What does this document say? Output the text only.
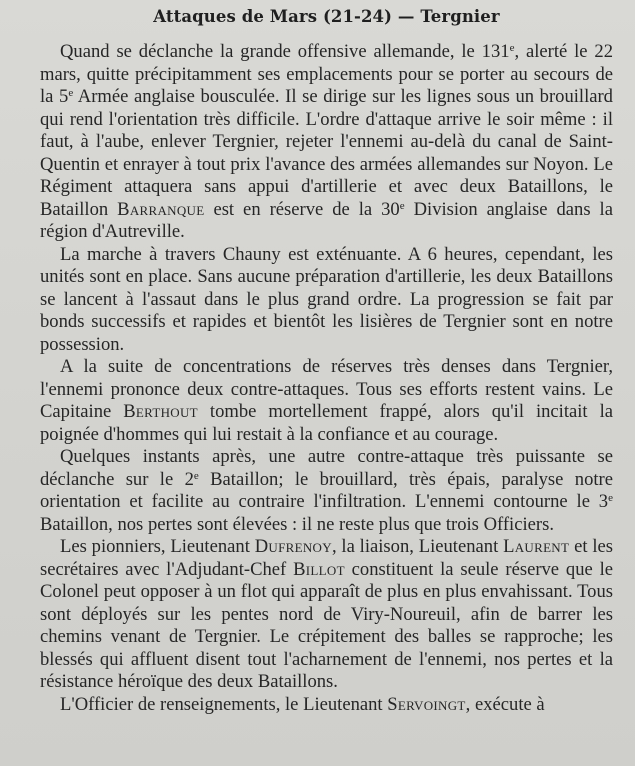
Attaques de Mars (21-24) — Tergnier

Quand se déclanche la grande offensive allemande, le 131e, alerté le 22 mars, quitte précipitamment ses emplacements pour se porter au secours de la 5e Armée anglaise bousculée. Il se dirige sur les lignes sous un brouillard qui rend l'orientation très difficile. L'ordre d'attaque arrive le soir même : il faut, à l'aube, enlever Tergnier, rejeter l'ennemi au-delà du canal de Saint-Quentin et enrayer à tout prix l'avance des armées allemandes sur Noyon. Le Régiment attaquera sans appui d'artillerie et avec deux Bataillons, le Bataillon Barranque est en réserve de la 30e Division anglaise dans la région d'Autreville.

La marche à travers Chauny est exténuante. A 6 heures, cependant, les unités sont en place. Sans aucune préparation d'artillerie, les deux Bataillons se lancent à l'assaut dans le plus grand ordre. La progression se fait par bonds successifs et rapides et bientôt les lisières de Tergnier sont en notre possession.

A la suite de concentrations de réserves très denses dans Tergnier, l'ennemi prononce deux contre-attaques. Tous ses efforts restent vains. Le Capitaine Berthout tombe mortellement frappé, alors qu'il incitait la poignée d'hommes qui lui restait à la confiance et au courage.

Quelques instants après, une autre contre-attaque très puissante se déclanche sur le 2e Bataillon; le brouillard, très épais, paralyse notre orientation et facilite au contraire l'infiltration. L'ennemi contourne le 3e Bataillon, nos pertes sont élevées : il ne reste plus que trois Officiers.

Les pionniers, Lieutenant Dufrenoy, la liaison, Lieutenant Laurent et les secrétaires avec l'Adjudant-Chef Billot constituent la seule réserve que le Colonel peut opposer à un flot qui apparaît de plus en plus envahissant. Tous sont déployés sur les pentes nord de Viry-Noureuil, afin de barrer les chemins venant de Tergnier. Le crépitement des balles se rapproche; les blessés qui affluent disent tout l'acharnement de l'ennemi, nos pertes et la résistance héroïque des deux Bataillons.

L'Officier de renseignements, le Lieutenant Servoingt, exécute à
